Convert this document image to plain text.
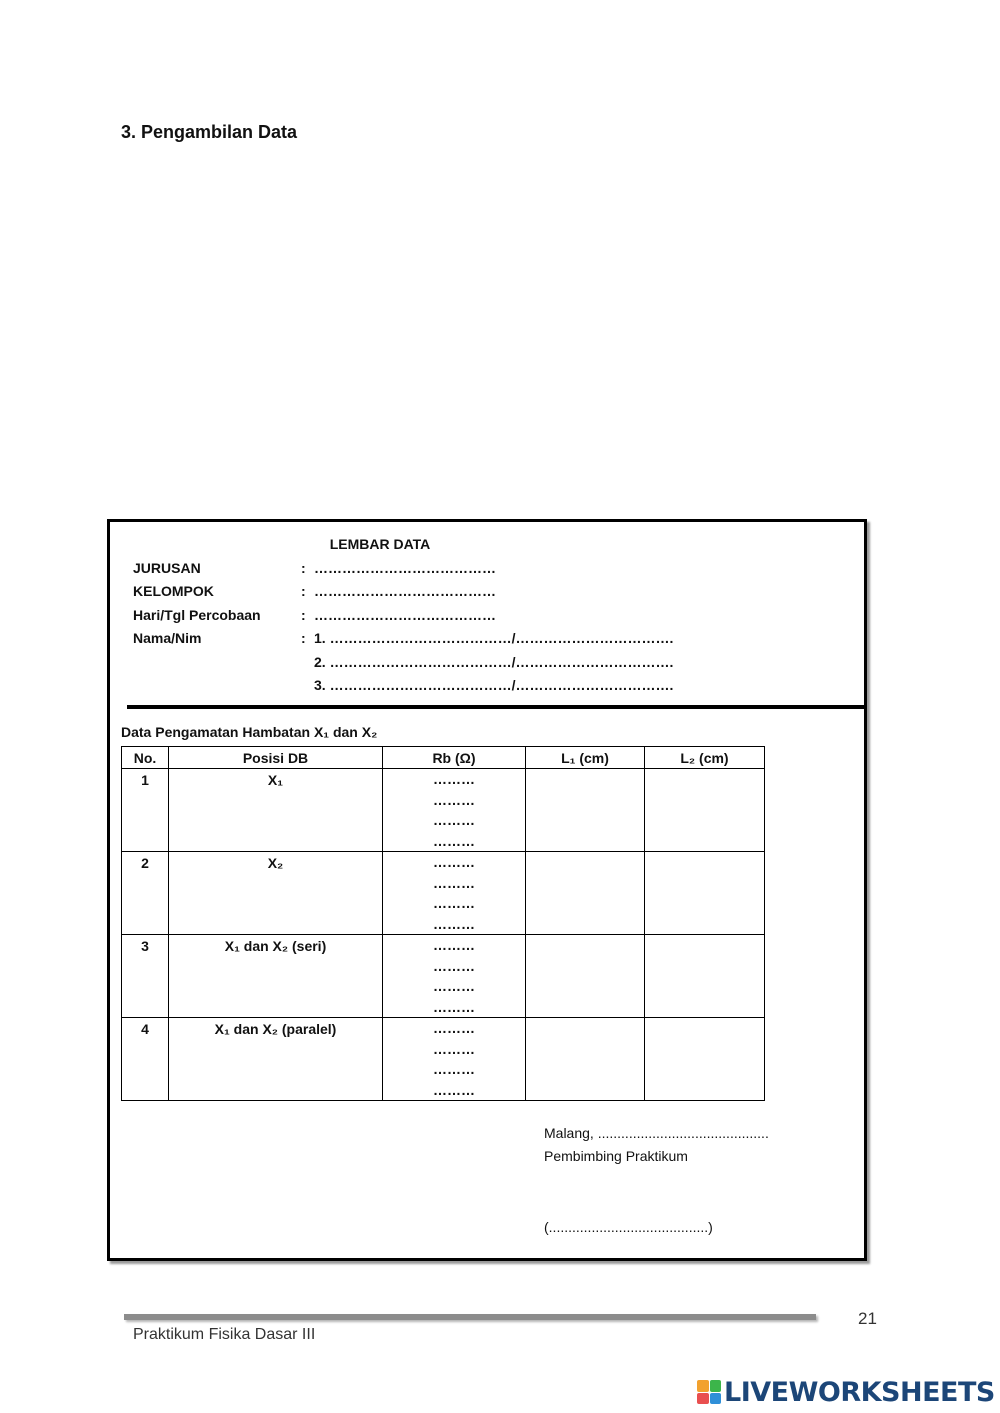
3. Pengambilan Data
LEMBAR DATA
JURUSAN	: …………………………………
KELOMPOK	: …………………………………
Hari/Tgl Percobaan	: …………………………………
Nama/Nim	: 1. …………………………………/…………………………….
2. …………………………………/…………………………….
3. …………………………………/…………………………….
Data Pengamatan Hambatan X₁ dan X₂
No.	Posisi DB	Rb (Ω)	L₁ (cm)	L₂ (cm)

1	X₁	………
………
………
………		

2	X₂	………
………
………
………		

3	X₁ dan X₂ (seri)	………
………
………
………		

4	X₁ dan X₂ (paralel)	………
………
………
………		

Malang, ............................................
Pembimbing Praktikum
(.........................................)
21
Praktikum Fisika Dasar III
LIVEWORKSHEETS
